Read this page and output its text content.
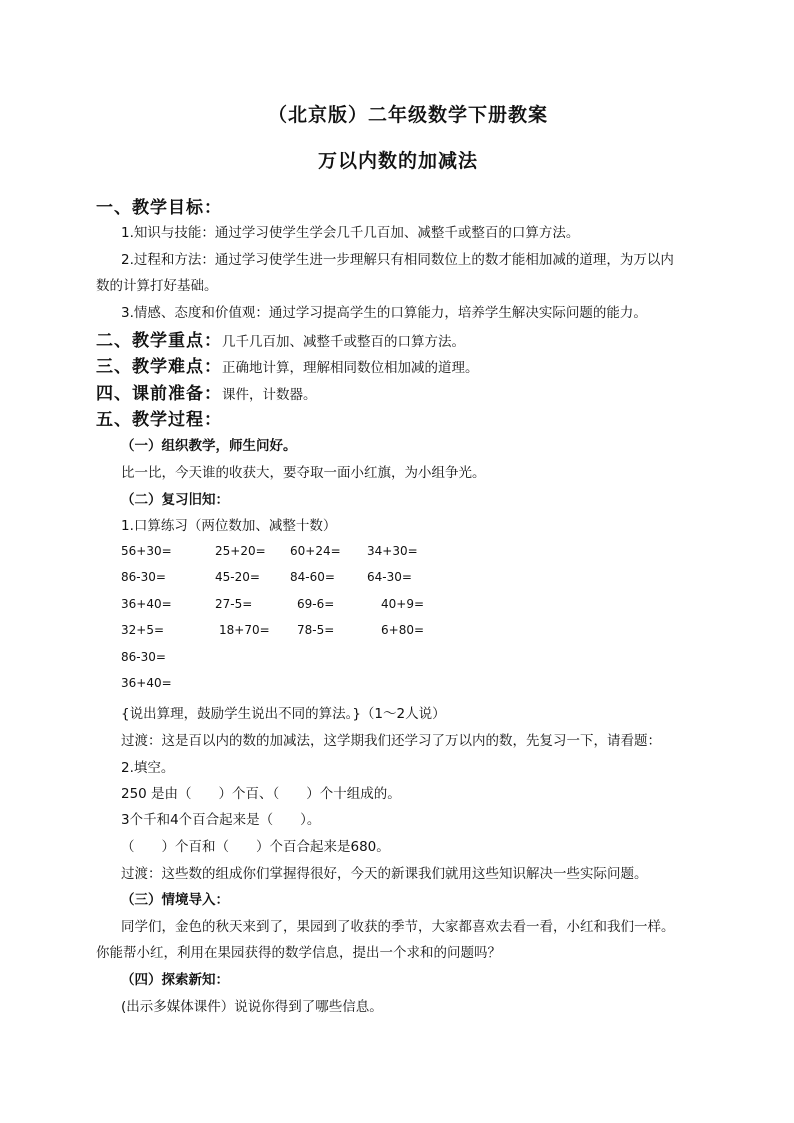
（北京版）二年级数学下册教案
万以内数的加减法
一、教学目标：
1.知识与技能：通过学习使学生学会几千几百加、减整千或整百的口算方法。
2.过程和方法：通过学习使学生进一步理解只有相同数位上的数才能相加减的道理，为万以内
数的计算打好基础。
3.情感、态度和价值观：通过学习提高学生的口算能力，培养学生解决实际问题的能力。
二、教学重点：几千几百加、减整千或整百的口算方法。
三、教学难点：正确地计算，理解相同数位相加减的道理。
四、课前准备：课件，计数器。
五、教学过程：
（一）组织教学，师生问好。
比一比，今天谁的收获大，要夺取一面小红旗，为小组争光。
（二）复习旧知：
1.口算练习（两位数加、减整十数）
56+30=	25+20= 60+24= 34+30=
86-30=	45-20=	84-60=	64-30=
36+40=	27-5=	69-6=	40+9=
32+5=	18+70= 78-5=	6+80=
86-30=
36+40=
{说出算理，鼓励学生说出不同的算法。}（1～2人说）
过渡：这是百以内的数的加减法，这学期我们还学习了万以内的数，先复习一下，请看题：
2.填空。
250 是由（　　）个百、（　　）个十组成的。
3个千和4个百合起来是（　　）。
（　　）个百和（　　）个百合起来是680。
过渡：这些数的组成你们掌握得很好，今天的新课我们就用这些知识解决一些实际问题。
（三）情境导入：
同学们，金色的秋天来到了，果园到了收获的季节，大家都喜欢去看一看，小红和我们一样。
你能帮小红，利用在果园获得的数学信息，提出一个求和的问题吗？
（四）探索新知：
(出示多媒体课件）说说你得到了哪些信息。
